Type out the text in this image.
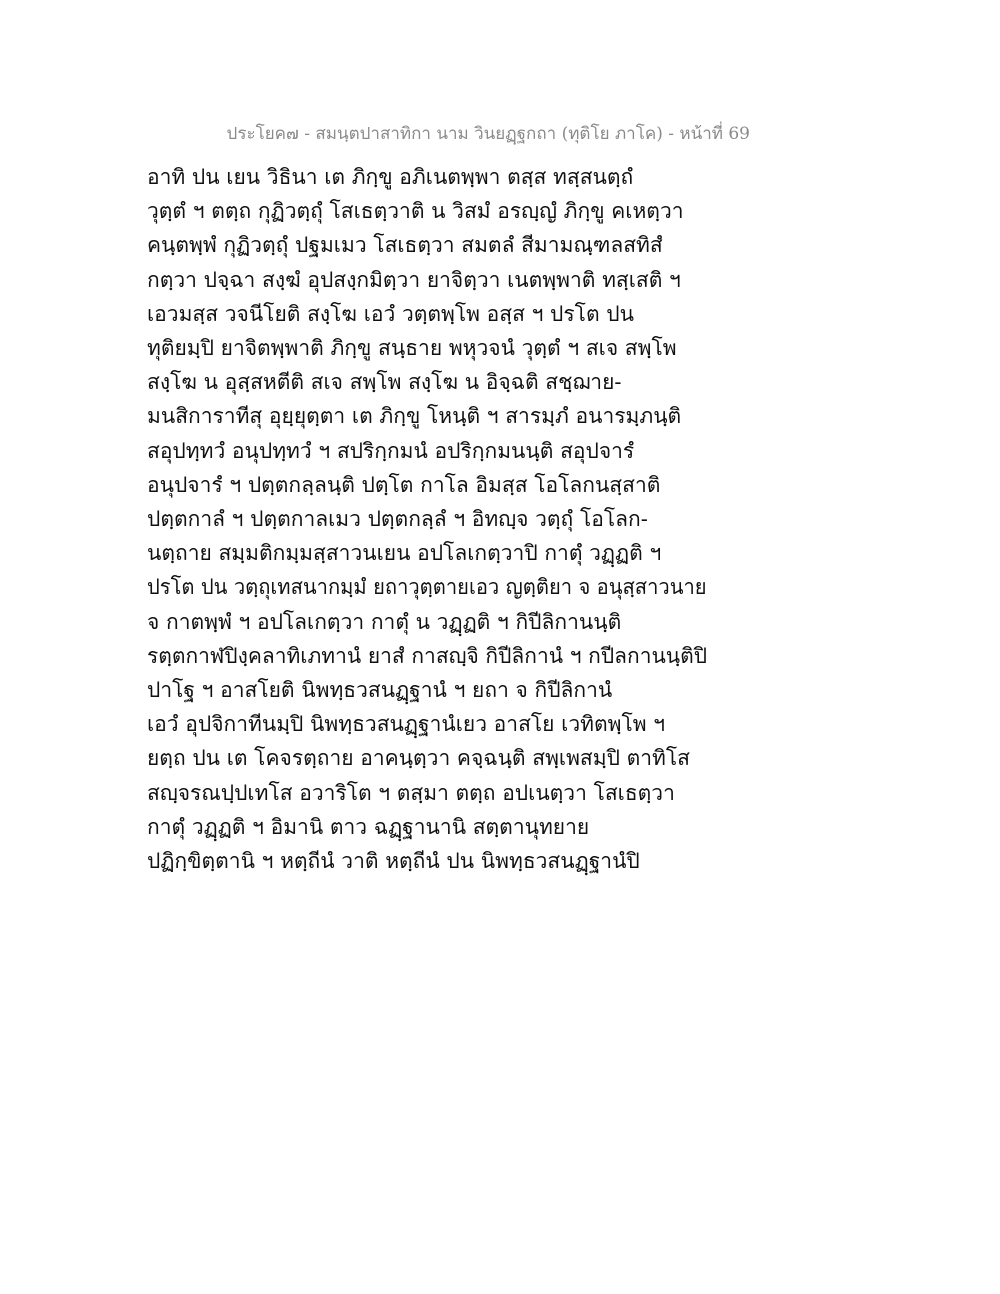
ประโยค๗ - สมนฺตปาสาทิกา นาม วินยฏฺฐกถา (ทุติโย ภาโค) - หน้าที่ 69
อาทิ ปน เยน วิธินา เต ภิกฺขู อภิเนตพฺพา ตสฺส ทสฺสนตฺถํ
วุตฺตํ ฯ ตตฺถ กุฏิวตฺถุํ โสเธตฺวาติ น วิสมํ อรญฺญํ ภิกฺขู คเหตฺวา
คนฺตพฺพํ กุฏิวตฺถุํ ปฐมเมว โสเธตฺวา สมตลํ สีมามณฺฑลสทิสํ
กตฺวา ปจฺฉา สงฺฆํ อุปสงฺกมิตฺวา ยาจิตฺวา เนตพฺพาติ ทสฺเสติ ฯ
เอวมสฺส วจนีโยติ สงฺโฆ เอวํ วตฺตพฺโพ อสฺส ฯ ปรโต ปน
ทุติยมฺปิ ยาจิตพฺพาติ ภิกฺขู สนฺธาย พหุวจนํ วุตฺตํ ฯ สเจ สพฺโพ
สงฺโฆ น อุสฺสหตีติ สเจ สพฺโพ สงฺโฆ น อิจฺฉติ สชฺฌาย-
มนสิการาทีสุ อุยฺยุตฺตา เต ภิกฺขู โหนฺติ ฯ สารมฺภํ อนารมฺภนฺติ
สอุปทฺทวํ อนุปทฺทวํ ฯ สปริกฺกมนํ อปริกฺกมนนฺติ สอุปจารํ
อนุปจารํ ฯ ปตฺตกลฺลนฺติ ปตฺโต กาโล อิมสฺส โอโลกนสฺสาติ
ปตฺตกาลํ ฯ ปตฺตกาลเมว ปตฺตกลฺลํ ฯ อิทญฺจ วตฺถุํ โอโลก-
นตฺถาย สมฺมติกมฺมสฺสาวนเยน อปโลเกตฺวาปิ กาตุํ วฏฺฏติ ฯ
ปรโต ปน วตฺถุเทสนากมฺมํ ยถาวุตฺตายเอว ญตฺติยา จ อนุสฺสาวนาย
จ กาตพฺพํ ฯ อปโลเกตฺวา กาตุํ น วฏฺฏติ ฯ กิปีลิกานนฺติ
รตฺตกาฬปิงฺคลาทิเภทานํ ยาสํ กาสญฺจิ กิปีลิกานํ ฯ กปีลกานนฺติปิ
ปาโฐ ฯ อาสโยติ นิพทฺธวสนฏฺฐานํ ฯ ยถา จ กิปีลิกานํ
เอวํ อุปจิกาทีนมฺปิ นิพทฺธวสนฏฺฐานํเยว อาสโย เวทิตพฺโพ ฯ
ยตฺถ ปน เต โคจรตฺถาย อาคนฺตฺวา คจฺฉนฺติ สพฺเพสมฺปิ ตาทิโส
สญฺจรณปฺปเทโส อวาริโต ฯ ตสฺมา ตตฺถ อปเนตฺวา โสเธตฺวา
กาตุํ วฏฺฏติ ฯ อิมานิ ตาว ฉฏฺฐานานิ สตฺตานุทยาย
ปฏิกฺขิตฺตานิ ฯ หตฺถีนํ วาติ หตฺถีนํ ปน นิพทฺธวสนฏฺฐานํปิ
